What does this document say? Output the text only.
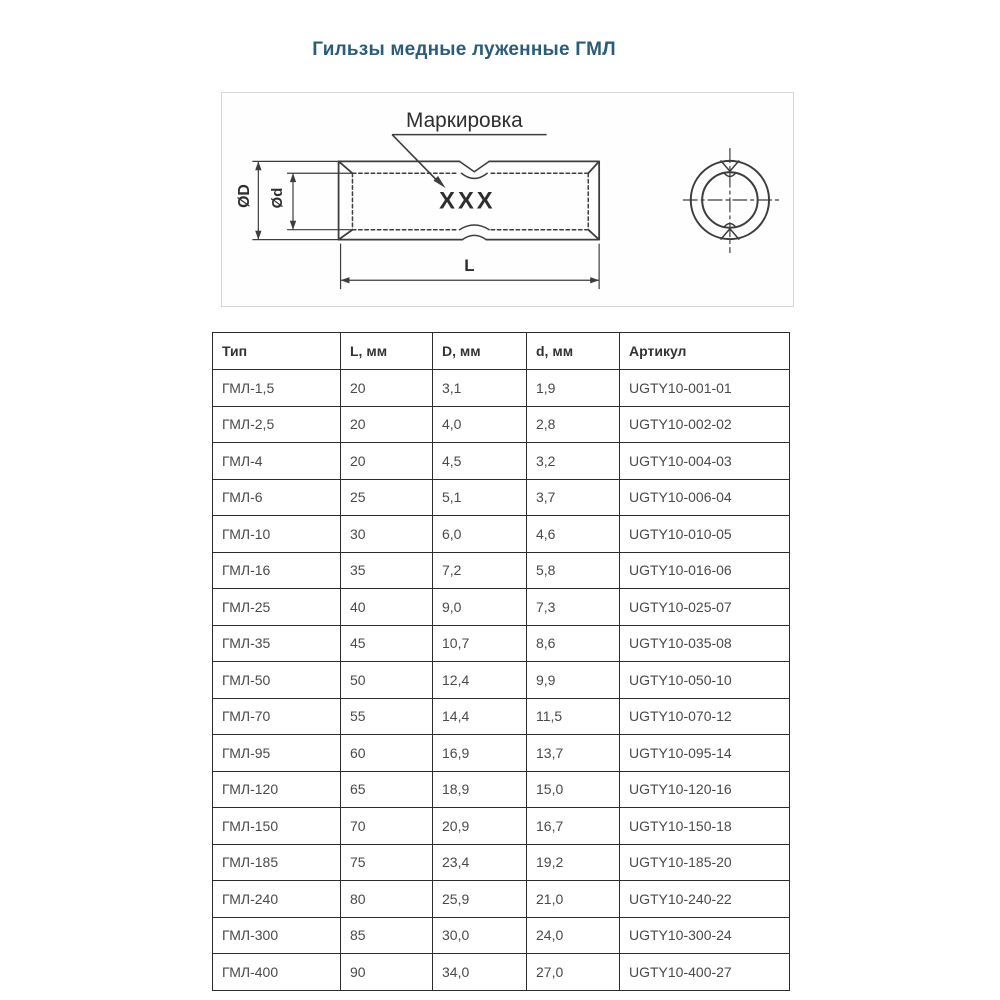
Гильзы медные луженные ГМЛ
Маркировка
XXX
ØD Ød
L
Тип	L, мм	D, мм	d, мм	Артикул
ГМЛ-1,5	20	3,1	1,9	UGTY10-001-01
ГМЛ-2,5	20	4,0	2,8	UGTY10-002-02
ГМЛ-4	20	4,5	3,2	UGTY10-004-03
ГМЛ-6	25	5,1	3,7	UGTY10-006-04
ГМЛ-10	30	6,0	4,6	UGTY10-010-05
ГМЛ-16	35	7,2	5,8	UGTY10-016-06
ГМЛ-25	40	9,0	7,3	UGTY10-025-07
ГМЛ-35	45	10,7	8,6	UGTY10-035-08
ГМЛ-50	50	12,4	9,9	UGTY10-050-10
ГМЛ-70	55	14,4	11,5	UGTY10-070-12
ГМЛ-95	60	16,9	13,7	UGTY10-095-14
ГМЛ-120	65	18,9	15,0	UGTY10-120-16
ГМЛ-150	70	20,9	16,7	UGTY10-150-18
ГМЛ-185	75	23,4	19,2	UGTY10-185-20
ГМЛ-240	80	25,9	21,0	UGTY10-240-22
ГМЛ-300	85	30,0	24,0	UGTY10-300-24
ГМЛ-400	90	34,0	27,0	UGTY10-400-27
